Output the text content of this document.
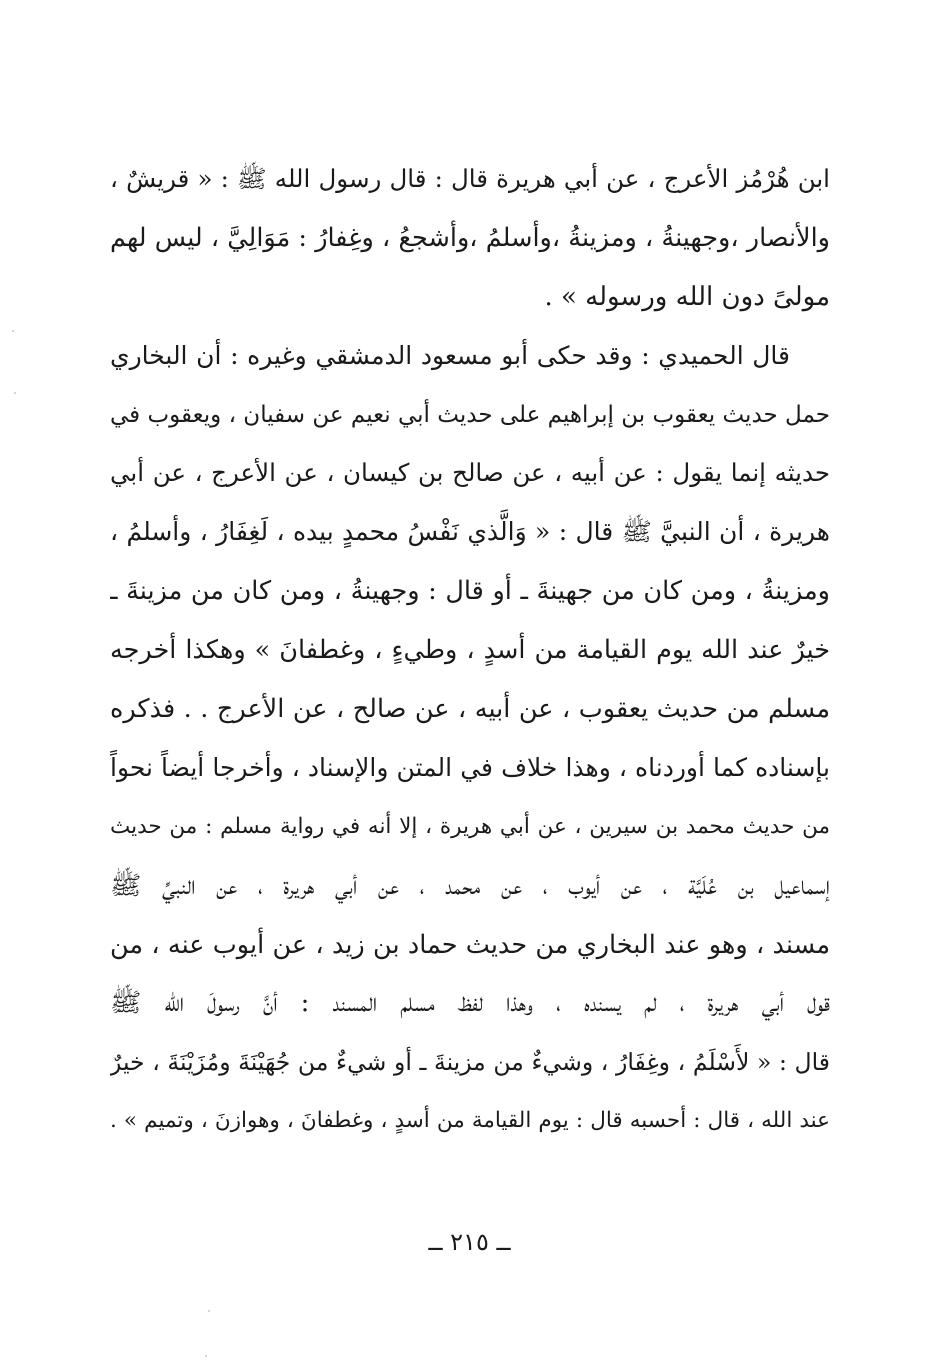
ابن هُرْمُز الأعرج ، عن أبي هريرة قال : قال رسول الله ﷺ : « قريشٌ ،
والأنصار ،وجهينةُ ، ومزينةُ ،وأسلمُ ،وأشجعُ ، وغِفارُ : مَوَالِيَّ ، ليس لهم
مولىً دون الله ورسوله » .
قال الحميدي : وقد حكى أبو مسعود الدمشقي وغيره : أن البخاري
حمل حديث يعقوب بن إبراهيم على حديث أبي نعيم عن سفيان ، ويعقوب في
حديثه إنما يقول : عن أبيه ، عن صالح بن كيسان ، عن الأعرج ، عن أبي
هريرة ، أن النبيَّ ﷺ قال : « وَالَّذي نَفْسُ محمدٍ بيده ، لَغِفَارُ ، وأسلمُ ،
ومزينةُ ، ومن كان من جهينةَ ـ أو قال : وجهينةُ ، ومن كان من مزينةَ ـ
خيرٌ عند الله يوم القيامة من أسدٍ ، وطيءٍ ، وغطفانَ » وهكذا أخرجه
مسلم من حديث يعقوب ، عن أبيه ، عن صالح ، عن الأعرج . . فذكره
بإسناده كما أوردناه ، وهذا خلاف في المتن والإسناد ، وأخرجا أيضاً نحواً
من حديث محمد بن سيرين ، عن أبي هريرة ، إلا أنه في رواية مسلم : من حديث
إسماعيل بن عُلَيَّة ، عن أيوب ، عن محمد ، عن أبي هريرة ، عن النبيِّ ﷺ
مسند ، وهو عند البخاري من حديث حماد بن زيد ، عن أيوب عنه ، من
قول أبي هريرة ، لم يسنده ، وهذا لفظ مسلم المسند : أنَّ رسولَ الله ﷺ
قال : « لأَسْلَمُ ، وغِفَارُ ، وشيءٌ من مزينةَ ـ أو شيءٌ من جُهَيْنَةَ ومُزَيْنَةَ ، خيرٌ
عند الله ، قال : أحسبه قال : يوم القيامة من أسدٍ ، وغطفانَ ، وهوازنَ ، وتميم » .
ــ ٢١٥ ــ
